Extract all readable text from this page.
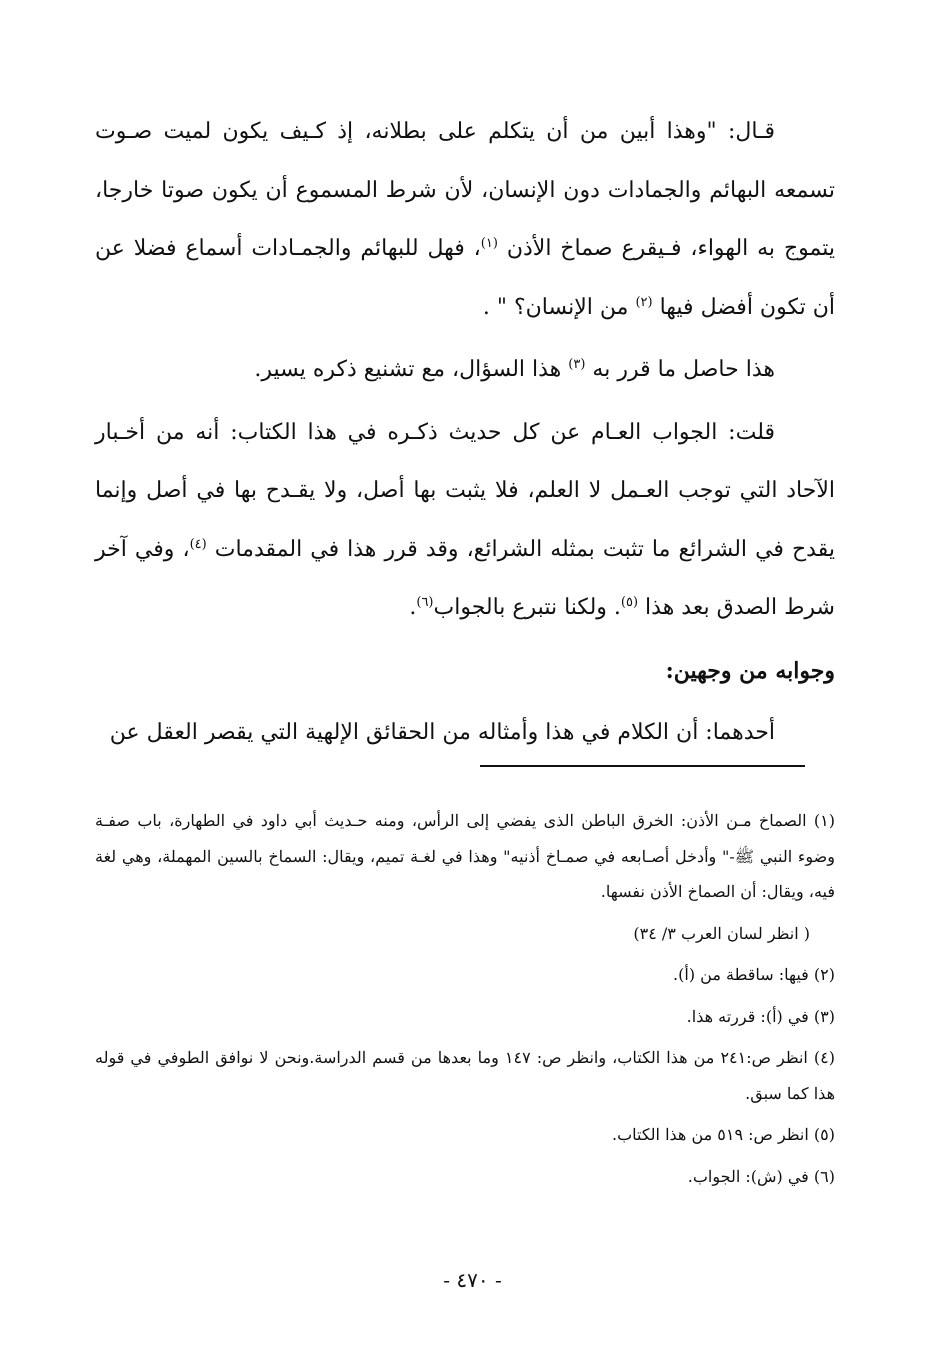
قـال: "وهذا أبين من أن يتكلم على بطلانه، إذ كـيف يكون لميت صـوت تسمعه البهائم والجمادات دون الإنسان، لأن شرط المسموع أن يكون صوتا خارجا، يتموج به الهواء، فـيقرع صماخ الأذن $^{(١)}$، فهل للبهائم والجمـادات أسماع فضلا عن أن تكون أفضل فيها $^{(٢)}$ من الإنسان؟ " .

هذا حاصل ما قرر به $^{(٣)}$ هذا السؤال، مع تشنيع ذكره يسير.

قلت: الجواب العـام عن كل حديث ذكـره في هذا الكتاب: أنه من أخـبار الآحاد التي توجب العـمل لا العلم، فلا يثبت بها أصل، ولا يقـدح بها في أصل وإنما يقدح في الشرائع ما تثبت بمثله الشرائع، وقد قرر هذا في المقدمات $^{(٤)}$، وفي آخر شرط الصدق بعد هذا $^{(٥)}$. ولكنا نتبرع بالجواب$^{(٦)}$.

وجوابه من وجهين:

أحدهما: أن الكلام في هذا وأمثاله من الحقائق الإلهية التي يقصر العقل عن

(١) الصماخ مـن الأذن: الخرق الباطن الذى يفضي إلى الرأس، ومنه حـديث أبي داود في الطهارة، باب صفـة وضوء النبي ﷺ-" وأدخل أصـابعه في صمـاخ أذنيه" وهذا في لغـة تميم، ويقال: السماخ بالسين المهملة، وهي لغة فيه، ويقال: أن الصماخ الأذن نفسها.

( انظر لسان العرب ٣/ ٣٤)

(٢) فيها: ساقطة من (أ).

(٣) في (أ): قررته هذا.

(٤) انظر ص:٢٤١ من هذا الكتاب، وانظر ص: ١٤٧ وما بعدها من قسم الدراسة.ونحن لا نوافق الطوفي في قوله هذا كما سبق.

(٥) انظر ص: ٥١٩ من هذا الكتاب.

(٦) في (ش): الجواب.

- ٤٧٠ -
